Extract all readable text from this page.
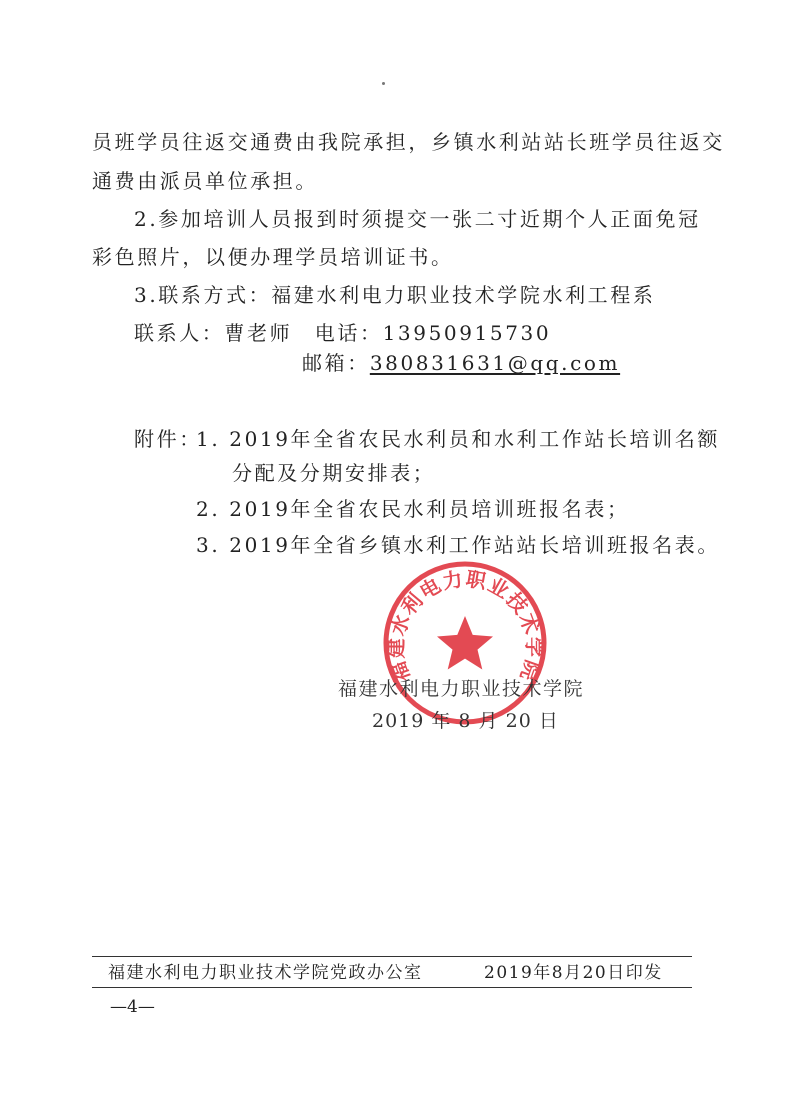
员班学员往返交通费由我院承担，乡镇水利站站长班学员往返交
通费由派员单位承担。
2.参加培训人员报到时须提交一张二寸近期个人正面免冠
彩色照片，以便办理学员培训证书。
3.联系方式：福建水利电力职业技术学院水利工程系
联系人：曹老师　电话：13950915730
邮箱：380831631@qq.com
附件：
1. 2019年全省农民水利员和水利工作站长培训名额
分配及分期安排表；
2. 2019年全省农民水利员培训班报名表；
3. 2019年全省乡镇水利工作站站长培训班报名表。
福建水利电力职业技术学院
福建水利电力职业技术学院
2019 年 8 月 20 日
福建水利电力职业技术学院党政办公室	2019年8月20日印发
—4—
